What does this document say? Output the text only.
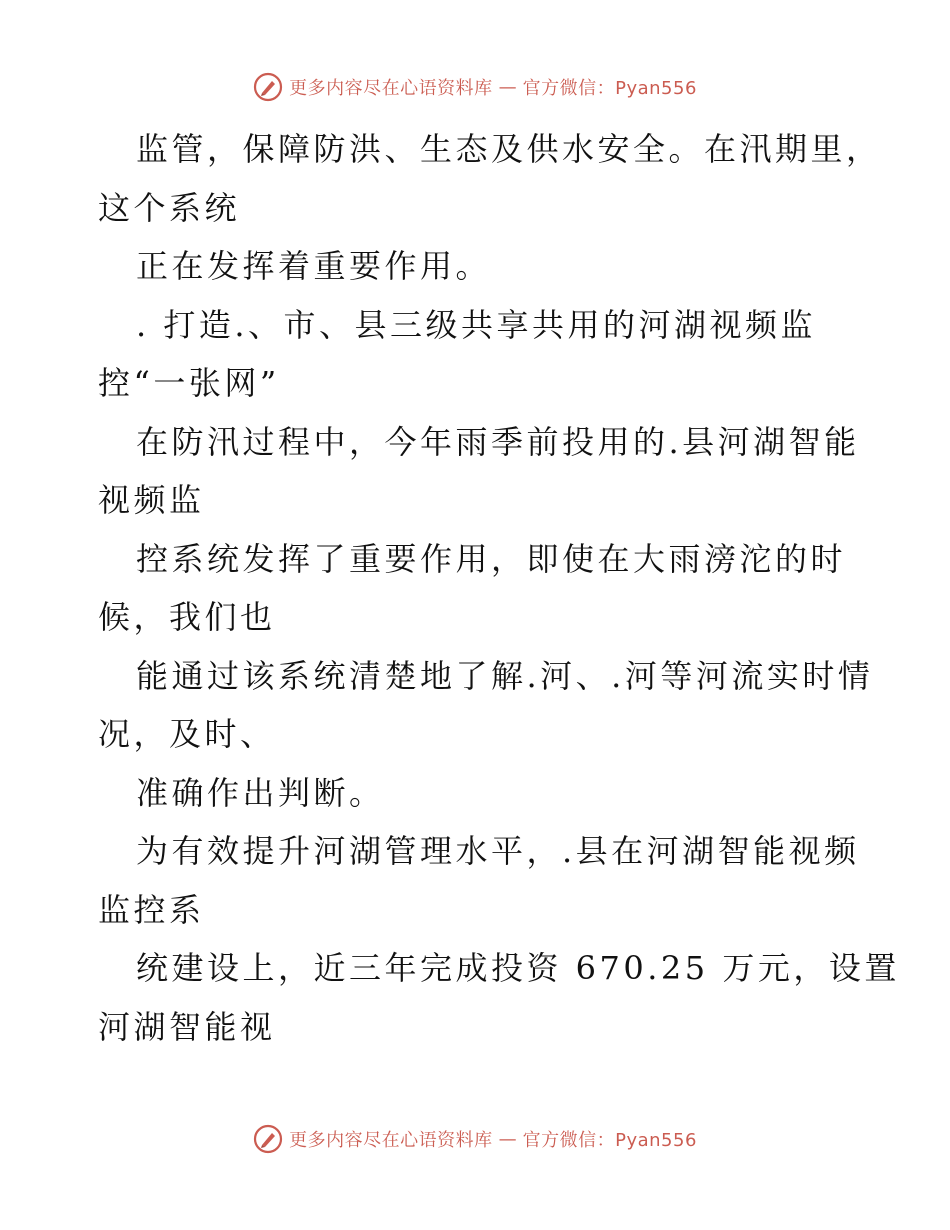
更多内容尽在心语资料库 — 官方微信：Pyan556
监管，保障防洪、生态及供水安全。在汛期里，
这个系统
正在发挥着重要作用。
. 打造.、市、县三级共享共用的河湖视频监
控“一张网”
在防汛过程中，今年雨季前投用的.县河湖智能
视频监
控系统发挥了重要作用，即使在大雨滂沱的时
候，我们也
能通过该系统清楚地了解.河、.河等河流实时情
况，及时、
准确作出判断。
为有效提升河湖管理水平，.县在河湖智能视频
监控系
统建设上，近三年完成投资 670.25 万元，设置
河湖智能视
更多内容尽在心语资料库 — 官方微信：Pyan556
